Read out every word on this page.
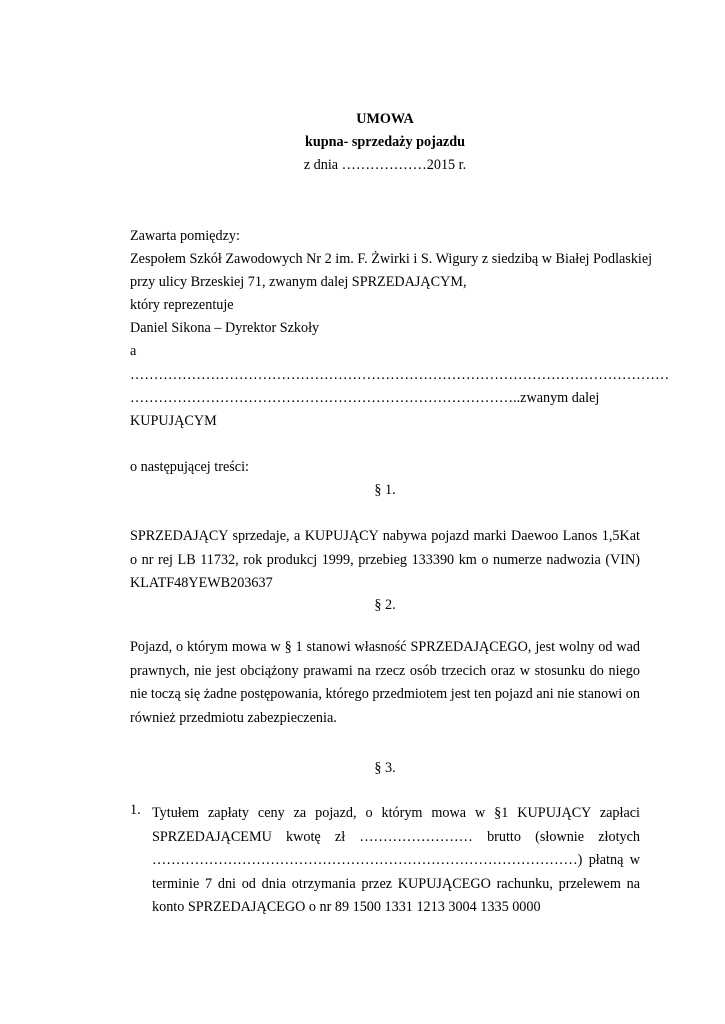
UMOWA
kupna- sprzedaży pojazdu
z dnia ………………2015 r.
Zawarta pomiędzy:
Zespołem Szkół Zawodowych Nr 2 im. F. Żwirki i S. Wigury z siedzibą w Białej Podlaskiej
przy ulicy Brzeskiej 71, zwanym dalej SPRZEDAJĄCYM,
który reprezentuje
Daniel Sikona – Dyrektor Szkoły
a
……………………………………………………………………………………………………
………………………………………………………………………..zwanym dalej
KUPUJĄCYM
o następującej treści:
§ 1.
SPRZEDAJĄCY sprzedaje, a KUPUJĄCY nabywa pojazd marki Daewoo Lanos 1,5Kat o nr rej LB 11732, rok produkcj 1999, przebieg 133390 km o numerze nadwozia (VIN) KLATF48YEWB203637
§ 2.
Pojazd, o którym mowa w § 1 stanowi własność SPRZEDAJĄCEGO, jest wolny od wad prawnych, nie jest obciążony prawami na rzecz osób trzecich oraz w stosunku do niego nie toczą się żadne postępowania, którego przedmiotem jest ten pojazd ani nie stanowi on również przedmiotu zabezpieczenia.
§ 3.
1. Tytułem zapłaty ceny za pojazd, o którym mowa w §1 KUPUJĄCY zapłaci SPRZEDAJĄCEMU kwotę zł …………………… brutto (słownie złotych ………………………………………………………………………………) płatną w terminie 7 dni od dnia otrzymania przez KUPUJĄCEGO rachunku, przelewem na konto SPRZEDAJĄCEGO o nr 89 1500 1331 1213 3004 1335 0000
